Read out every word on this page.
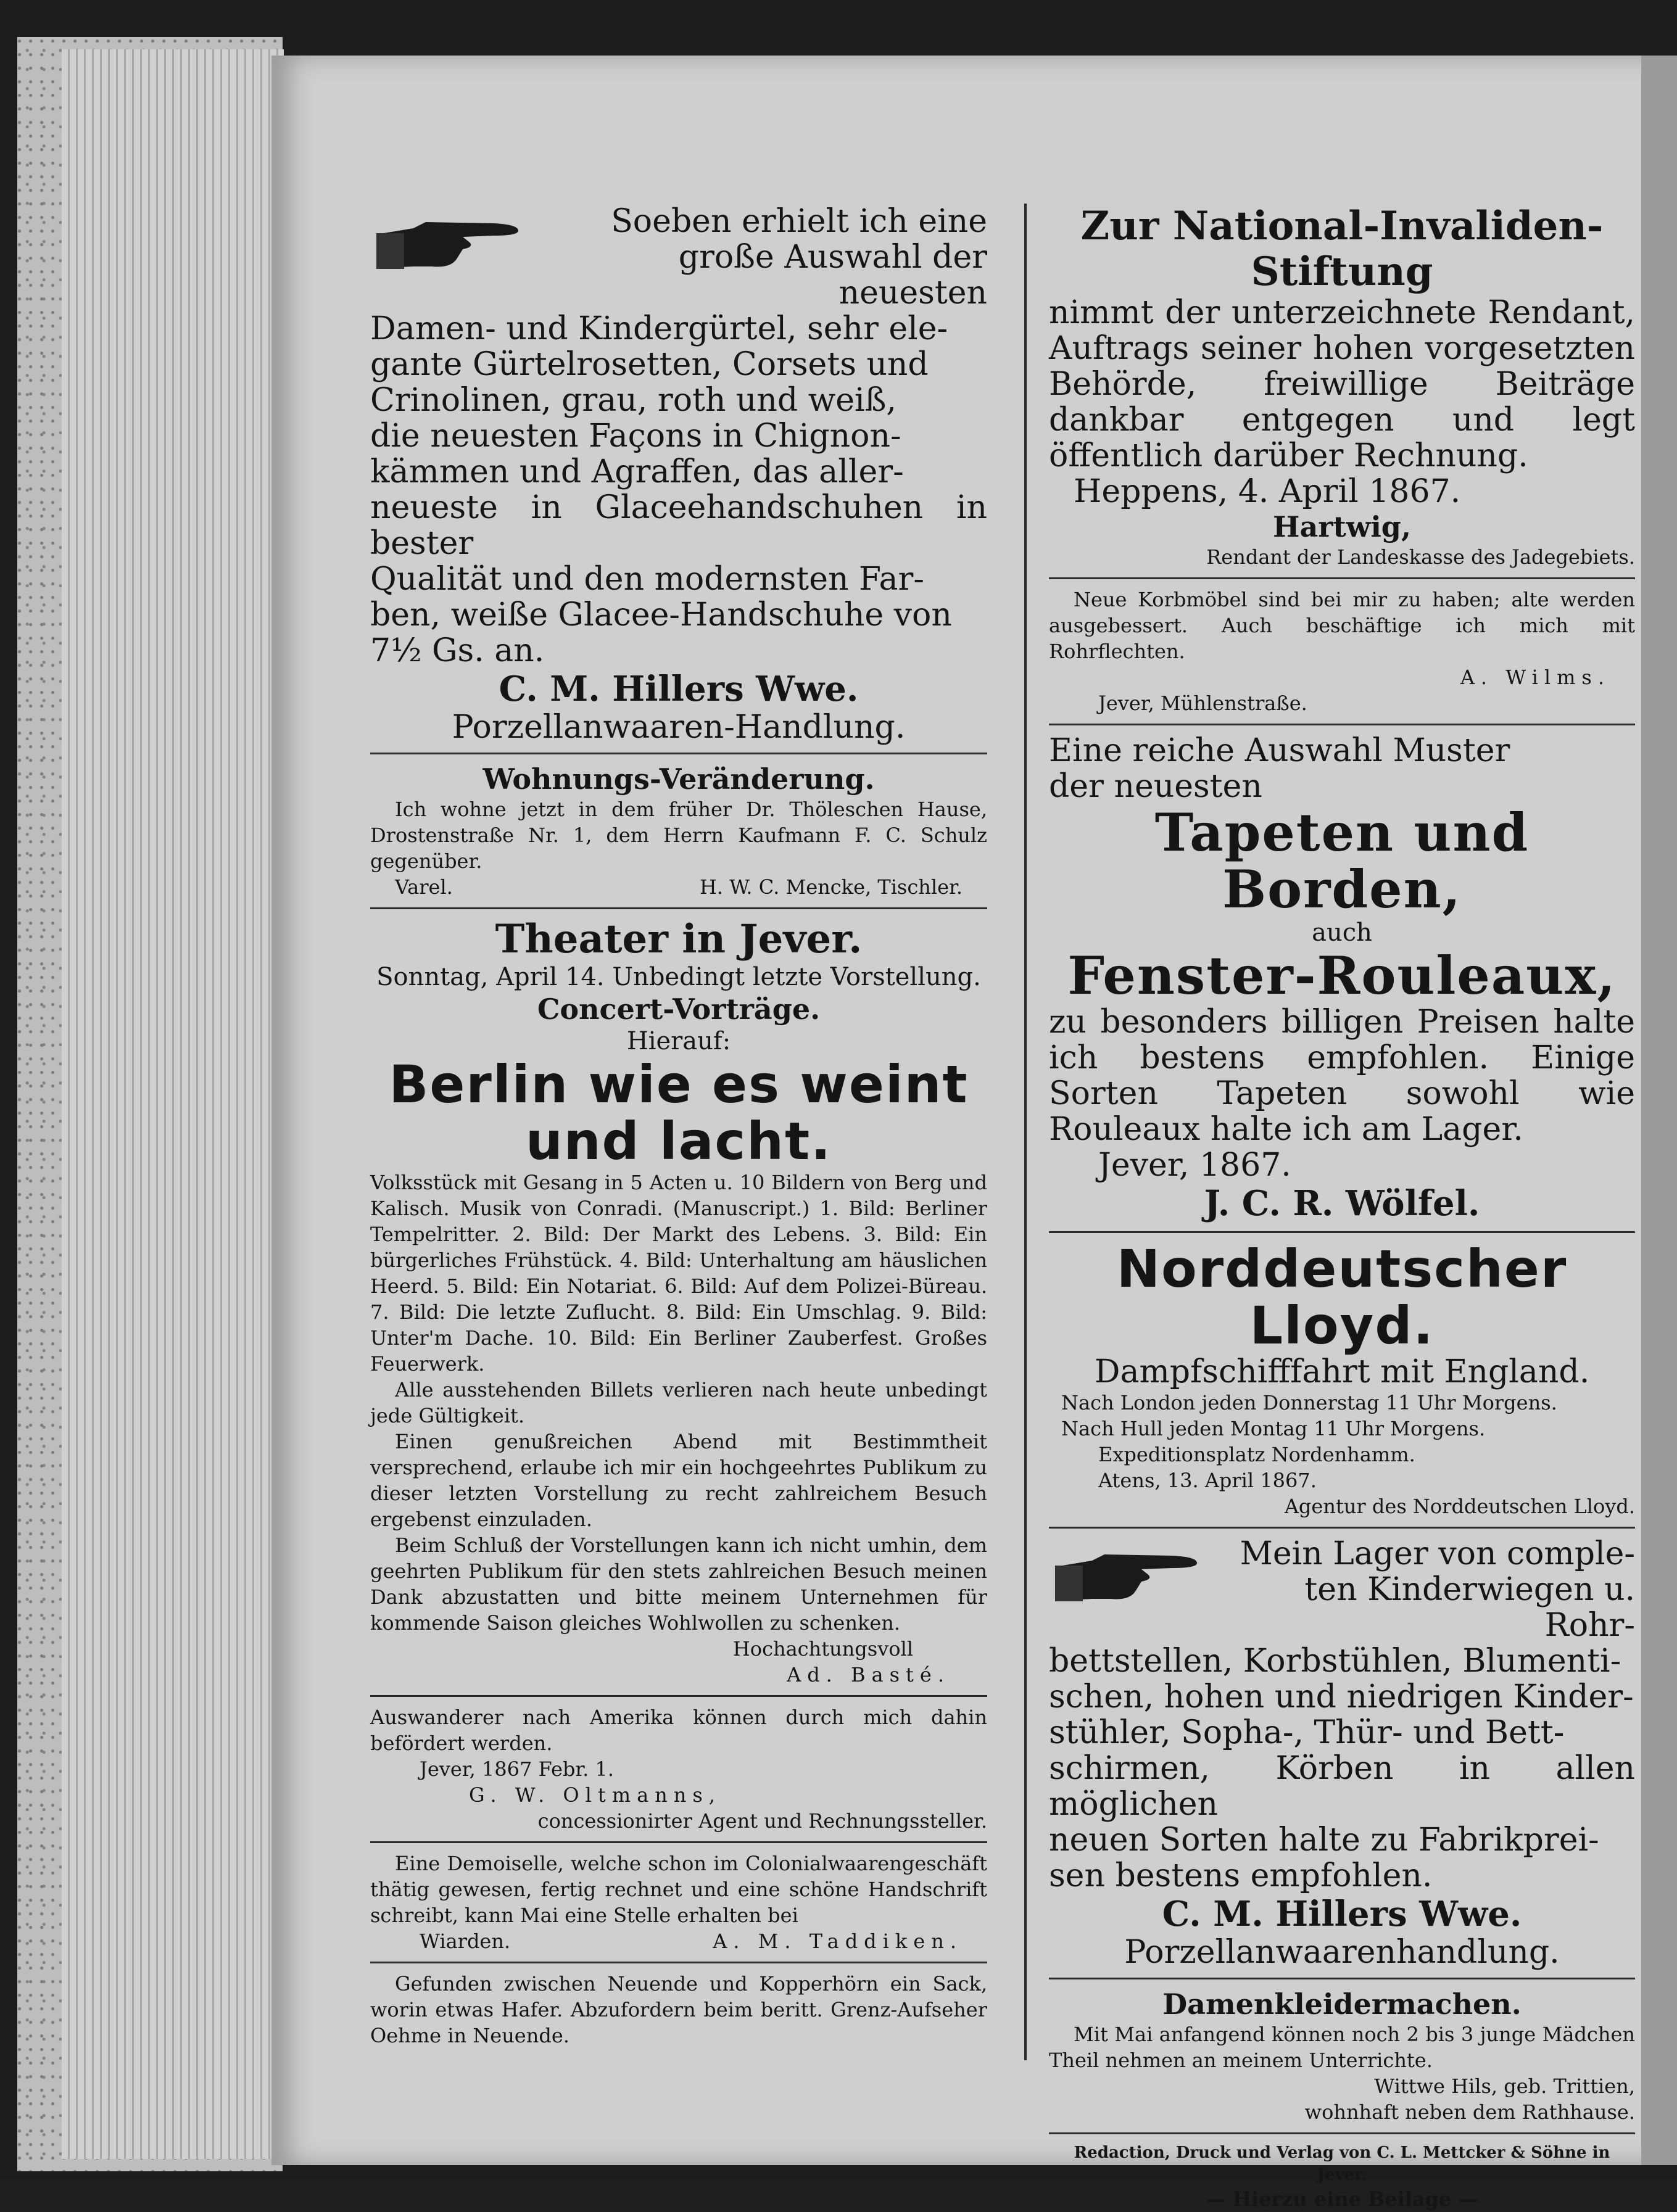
Soeben erhielt ich eine
große Auswahl der neuesten
Damen- und Kindergürtel, sehr ele-
gante Gürtelrosetten, Corsets und
Crinolinen, grau, roth und weiß,
die neuesten Façons in Chignon-
kämmen und Agraffen, das aller-
neueste in Glaceehandschuhen in bester
Qualität und den modernsten Far-
ben, weiße Glacee-Handschuhe von
7½ Gs. an.
C. M. Hillers Wwe.
Porzellanwaaren-Handlung.
Wohnungs-Veränderung.
Ich wohne jetzt in dem früher Dr. Thöleschen Hause, Drostenstraße Nr. 1, dem Herrn Kaufmann F. C. Schulz gegenüber.
Varel.	H. W. C. Mencke, Tischler.
Theater in Jever.
Sonntag, April 14. Unbedingt letzte Vorstellung.
Concert-Vorträge.
Hierauf:
Berlin wie es weint
und lacht.
Volksstück mit Gesang in 5 Acten u. 10 Bildern von Berg und Kalisch. Musik von Conradi. (Manuscript.) 1. Bild: Berliner Tempelritter. 2. Bild: Der Markt des Lebens. 3. Bild: Ein bürgerliches Frühstück. 4. Bild: Unterhaltung am häuslichen Heerd. 5. Bild: Ein Notariat. 6. Bild: Auf dem Polizei-Büreau. 7. Bild: Die letzte Zuflucht. 8. Bild: Ein Umschlag. 9. Bild: Unter'm Dache. 10. Bild: Ein Berliner Zauberfest. Großes Feuerwerk.
Alle ausstehenden Billets verlieren nach heute unbedingt jede Gültigkeit.
Einen genußreichen Abend mit Bestimmtheit versprechend, erlaube ich mir ein hochgeehrtes Publikum zu dieser letzten Vorstellung zu recht zahlreichem Besuch ergebenst einzuladen.
Beim Schluß der Vorstellungen kann ich nicht umhin, dem geehrten Publikum für den stets zahlreichen Besuch meinen Dank abzustatten und bitte meinem Unternehmen für kommende Saison gleiches Wohlwollen zu schenken.
Hochachtungsvoll
Ad. Basté.
Auswanderer nach Amerika können durch mich dahin befördert werden.
Jever, 1867 Febr. 1.
G. W. Oltmanns,
concessionirter Agent und Rechnungssteller.
Eine Demoiselle, welche schon im Colonialwaarengeschäft thätig gewesen, fertig rechnet und eine schöne Handschrift schreibt, kann Mai eine Stelle erhalten bei
Wiarden.	A. M. Taddiken.
Gefunden zwischen Neuende und Kopperhörn ein Sack, worin etwas Hafer. Abzufordern beim beritt. Grenz-Aufseher Oehme in Neuende.
Zur National-Invaliden-
Stiftung
nimmt der unterzeichnete Rendant, Auftrags seiner hohen vorgesetzten Behörde, freiwillige Beiträge dankbar entgegen und legt öffentlich darüber Rechnung.
Heppens, 4. April 1867.
Hartwig,
Rendant der Landeskasse des Jadegebiets.
Neue Korbmöbel sind bei mir zu haben; alte werden ausgebessert. Auch beschäftige ich mich mit Rohrflechten.
A. Wilms.
Jever, Mühlenstraße.
Eine reiche Auswahl Muster
der neuesten
Tapeten und Borden,
auch
Fenster-Rouleaux,
zu besonders billigen Preisen halte ich bestens empfohlen. Einige Sorten Tapeten sowohl wie Rouleaux halte ich am Lager.
Jever, 1867.
J. C. R. Wölfel.
Norddeutscher Lloyd.
Dampfschifffahrt mit England.
Nach London jeden Donnerstag 11 Uhr Morgens.
Nach Hull jeden Montag 11 Uhr Morgens.
Expeditionsplatz Nordenhamm.
Atens, 13. April 1867.
Agentur des Norddeutschen Lloyd.
Mein Lager von comple-
ten Kinderwiegen u. Rohr-
bettstellen, Korbstühlen, Blumenti-
schen, hohen und niedrigen Kinder-
stühler, Sopha-, Thür- und Bett-
schirmen, Körben in allen möglichen
neuen Sorten halte zu Fabrikprei-
sen bestens empfohlen.
C. M. Hillers Wwe.
Porzellanwaarenhandlung.
Damenkleidermachen.
Mit Mai anfangend können noch 2 bis 3 junge Mädchen Theil nehmen an meinem Unterrichte.
Wittwe Hils, geb. Trittien,
wohnhaft neben dem Rathhause.
Redaction, Druck und Verlag von C. L. Mettcker & Söhne in Jever.
— Hierzu eine Beilage —
